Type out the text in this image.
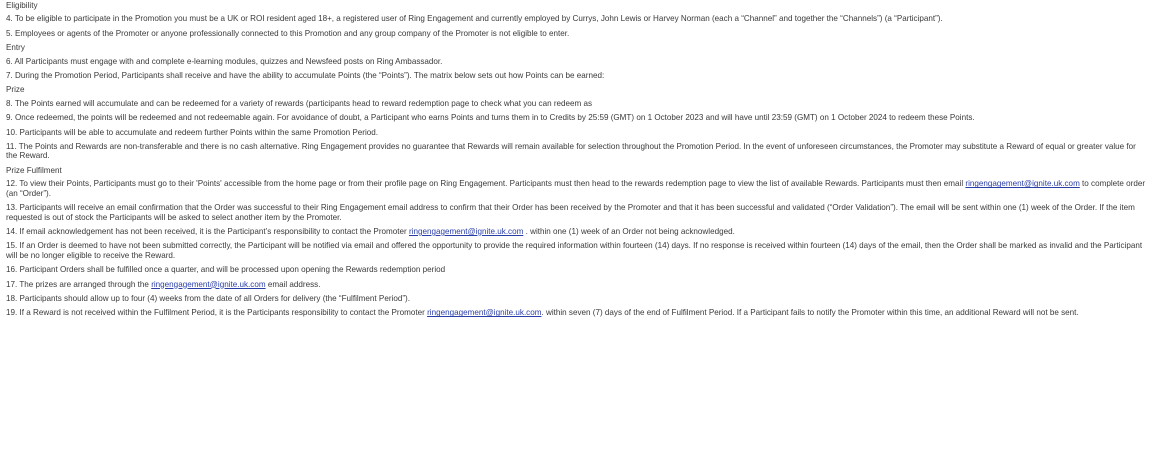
Eligibility
4. To be eligible to participate in the Promotion you must be a UK or ROI resident aged 18+, a registered user of Ring Engagement and currently employed by Currys, John Lewis or Harvey Norman (each a “Channel” and together the “Channels”) (a “Participant”).
5. Employees or agents of the Promoter or anyone professionally connected to this Promotion and any group company of the Promoter is not eligible to enter.
Entry
6. All Participants must engage with and complete e-learning modules, quizzes and Newsfeed posts on Ring Ambassador.
7. During the Promotion Period, Participants shall receive and have the ability to accumulate Points (the “Points”). The matrix below sets out how Points can be earned:
Prize
8. The Points earned will accumulate and can be redeemed for a variety of rewards (participants head to reward redemption page to check what you can redeem as
9. Once redeemed, the points will be redeemed and not redeemable again. For avoidance of doubt, a Participant who earns Points and turns them in to Credits by 25:59 (GMT) on 1 October 2023 and will have until 23:59 (GMT) on 1 October 2024 to redeem these Points.
10. Participants will be able to accumulate and redeem further Points within the same Promotion Period.
11. The Points and Rewards are non-transferable and there is no cash alternative. Ring Engagement provides no guarantee that Rewards will remain available for selection throughout the Promotion Period. In the event of unforeseen circumstances, the Promoter may substitute a Reward of equal or greater value for the Reward.
Prize Fulfilment
12. To view their Points, Participants must go to their 'Points' accessible from the home page or from their profile page on Ring Engagement. Participants must then head to the rewards redemption page to view the list of available Rewards. Participants must then email ringengagement@ignite.uk.com to complete order (an “Order”).
13. Participants will receive an email confirmation that the Order was successful to their Ring Engagement email address to confirm that their Order has been received by the Promoter and that it has been successful and validated (“Order Validation”). The email will be sent within one (1) week of the Order. If the item requested is out of stock the Participants will be asked to select another item by the Promoter.
14. If email acknowledgement has not been received, it is the Participant’s responsibility to contact the Promoter ringengagement@ignite.uk.com . within one (1) week of an Order not being acknowledged.
15. If an Order is deemed to have not been submitted correctly, the Participant will be notified via email and offered the opportunity to provide the required information within fourteen (14) days. If no response is received within fourteen (14) days of the email, then the Order shall be marked as invalid and the Participant will be no longer eligible to receive the Reward.
16. Participant Orders shall be fulfilled once a quarter, and will be processed upon opening the Rewards redemption period
17. The prizes are arranged through the ringengagement@ignite.uk.com email address.
18. Participants should allow up to four (4) weeks from the date of all Orders for delivery (the “Fulfilment Period”).
19. If a Reward is not received within the Fulfilment Period, it is the Participants responsibility to contact the Promoter ringengagement@ignite.uk.com. within seven (7) days of the end of Fulfilment Period. If a Participant fails to notify the Promoter within this time, an additional Reward will not be sent.
